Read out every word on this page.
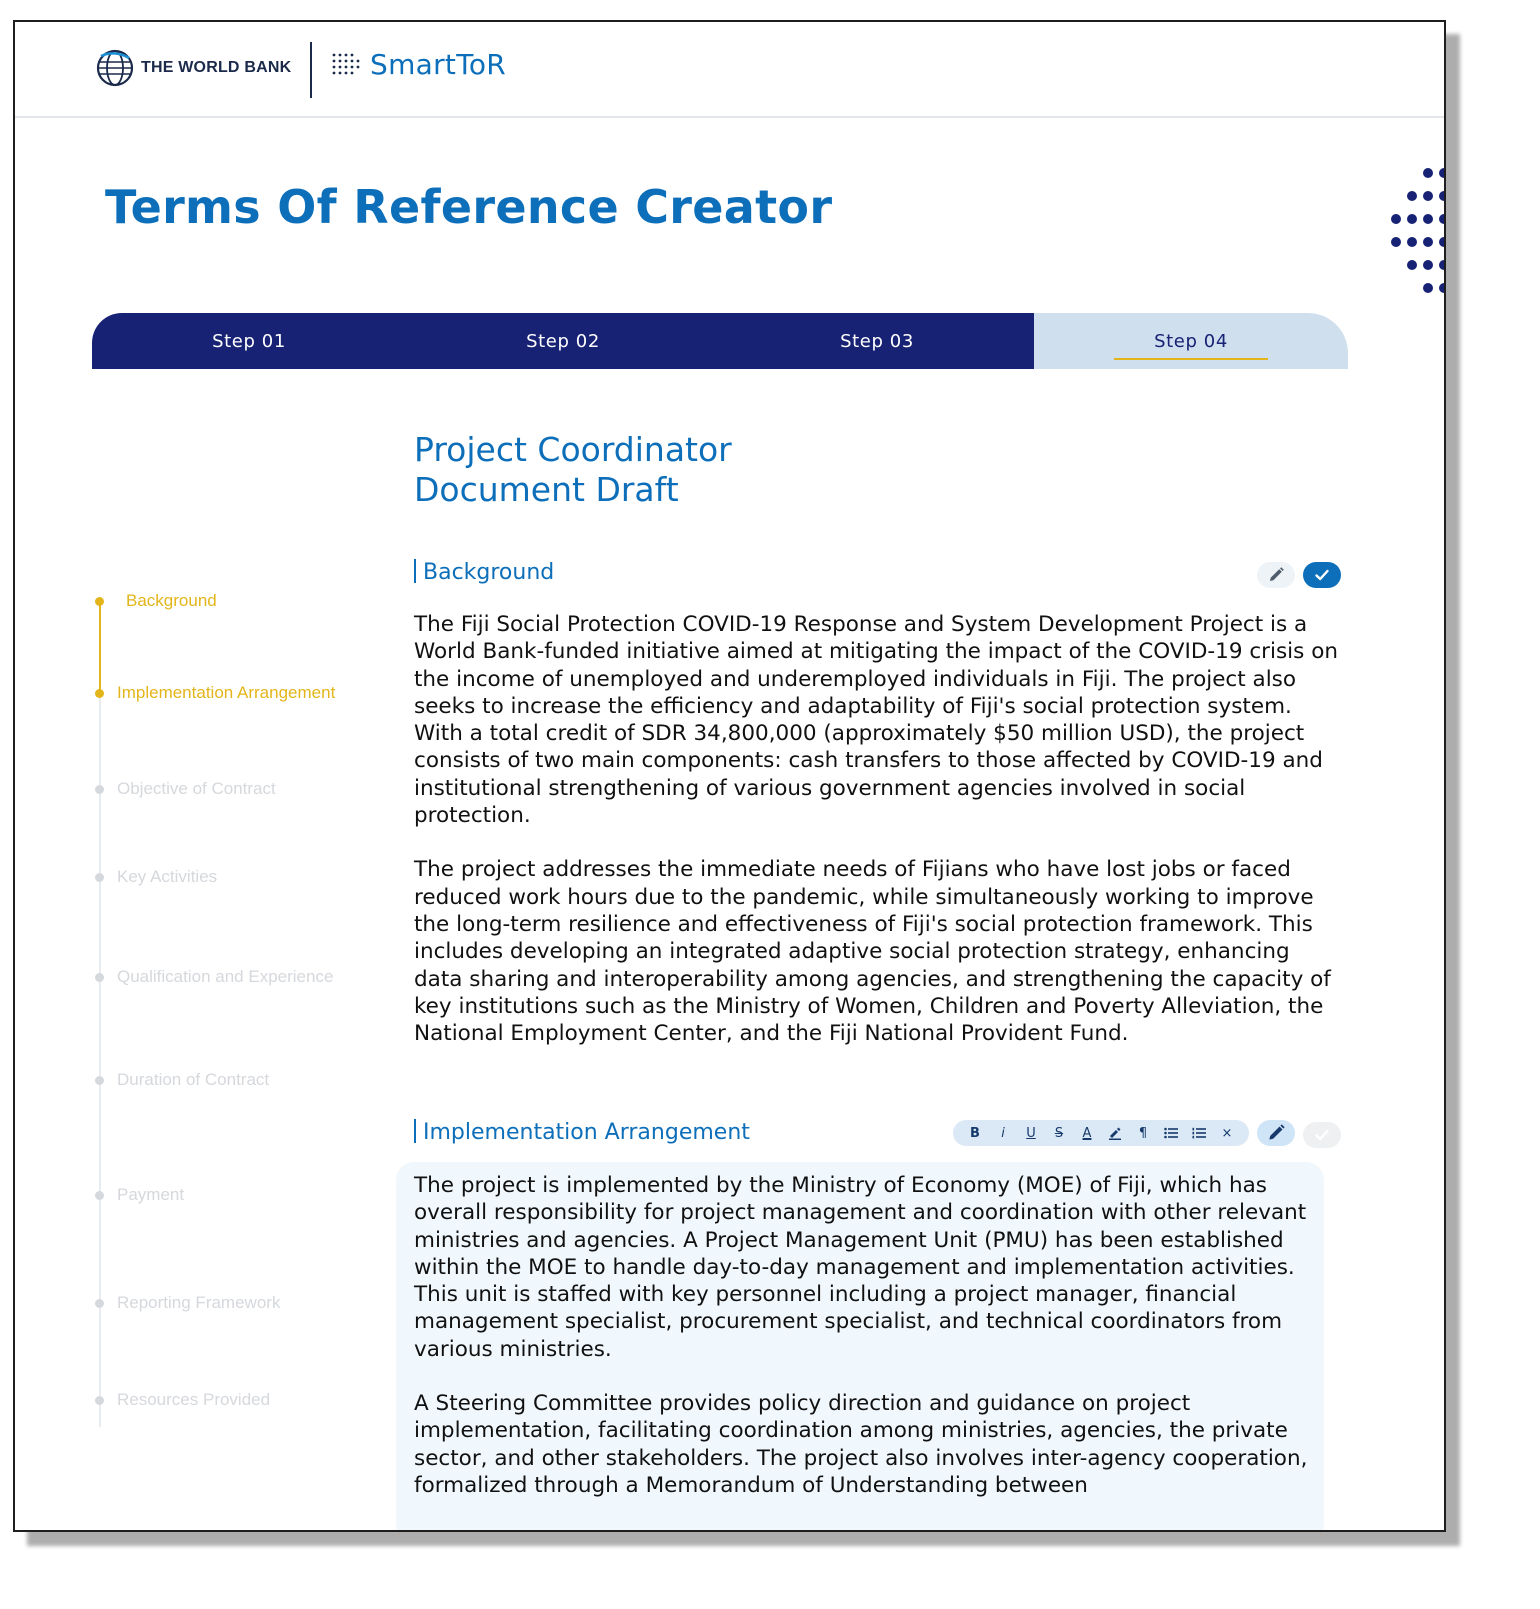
THE WORLD BANK	SmartToR
Terms Of Reference Creator
Step 01	Step 02	Step 03	Step 04
Background
Implementation Arrangement
Objective of Contract
Key Activities
Qualification and Experience
Duration of Contract
Payment
Reporting Framework
Resources Provided
Project Coordinator
Document Draft
Background

The Fiji Social Protection COVID-19 Response and System Development Project is a World Bank-funded initiative aimed at mitigating the impact of the COVID-19 crisis on the income of unemployed and underemployed individuals in Fiji. The project also seeks to increase the efficiency and adaptability of Fiji's social protection system. With a total credit of SDR 34,800,000 (approximately $50 million USD), the project consists of two main components: cash transfers to those affected by COVID-19 and institutional strengthening of various government agencies involved in social protection.

The project addresses the immediate needs of Fijians who have lost jobs or faced reduced work hours due to the pandemic, while simultaneously working to improve the long-term resilience and effectiveness of Fiji's social protection framework. This includes developing an integrated adaptive social protection strategy, enhancing data sharing and interoperability among agencies, and strengthening the capacity of key institutions such as the Ministry of Women, Children and Poverty Alleviation, the National Employment Center, and the Fiji National Provident Fund.

Implementation Arrangement	B	i	U	S	A	¶	×

The project is implemented by the Ministry of Economy (MOE) of Fiji, which has overall responsibility for project management and coordination with other relevant ministries and agencies. A Project Management Unit (PMU) has been established within the MOE to handle day-to-day management and implementation activities. This unit is staffed with key personnel including a project manager, financial management specialist, procurement specialist, and technical coordinators from various ministries.

A Steering Committee provides policy direction and guidance on project implementation, facilitating coordination among ministries, agencies, the private sector, and other stakeholders. The project also involves inter-agency cooperation, formalized through a Memorandum of Understanding between
